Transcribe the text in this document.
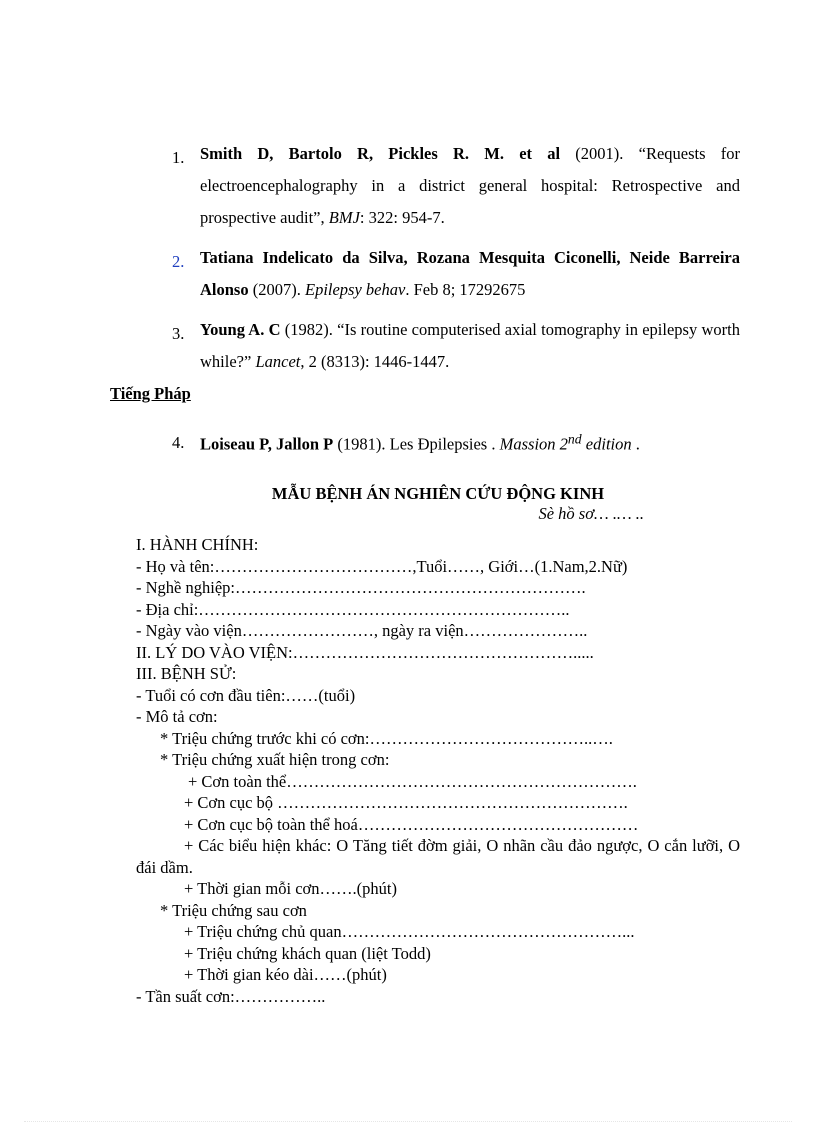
1. Smith D, Bartolo R, Pickles R. M. et al (2001). “Requests for electroencephalography in a district general hospital: Retrospective and prospective audit”, BMJ: 322: 954-7.
2. Tatiana Indelicato da Silva, Rozana Mesquita Ciconelli, Neide Barreira Alonso (2007). Epilepsy behav. Feb 8; 17292675
3. Young A. C (1982). “Is routine computerised axial tomography in epilepsy worth while?” Lancet, 2 (8313): 1446-1447.
Tiếng Pháp
4. Loiseau P, Jallon P (1981). Les Đpilepsies . Massion 2nd edition .
MẪU BỆNH ÁN NGHIÊN CỨU ĐỘNG KINH
Sè hồ sơ… .… ..
I. HÀNH CHÍNH:
- Họ và tên:………………………………,Tuổi……, Giới…(1.Nam,2.Nữ)
- Nghề nghiệp:……………………………………………………….
- Địa chỉ:…………………………………………………………..
- Ngày vào viện……………………, ngày ra viện…………………..
II. LÝ DO VÀO VIỆN:…………………………………………….....
III. BỆNH SỬ:
- Tuổi có cơn đầu tiên:……(tuổi)
- Mô tả cơn:
* Triệu chứng trước khi có cơn:…………………………………..….
* Triệu chứng xuất hiện trong cơn:
+ Cơn toàn thể……………………………………………………….
+ Cơn cục bộ ……………………………………………………….
+ Cơn cục bộ toàn thể hoá……………………………………………
+ Các biểu hiện khác: O Tăng tiết đờm giải, O nhãn cầu đảo ngược, O cắn lưỡi, O đái dầm.
+ Thời gian mỗi cơn…….(phút)
* Triệu chứng sau cơn
+ Triệu chứng chủ quan……………………………………………...
+ Triệu chứng khách quan (liệt Todd)
+ Thời gian kéo dài……(phút)
- Tần suất cơn:……………..
